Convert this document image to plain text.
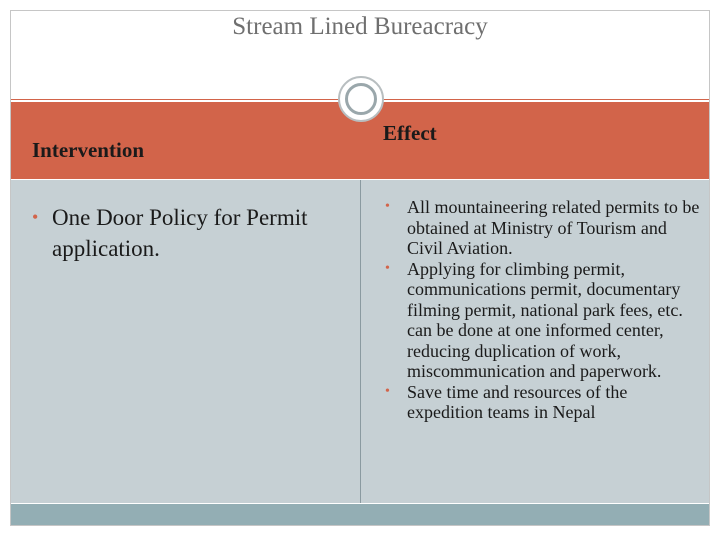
Stream Lined Bureacracy
Intervention
Effect
• One Door Policy for Permit application.
• All mountaineering related permits to be obtained at Ministry of Tourism and Civil Aviation.
• Applying for climbing permit, communications permit, documentary filming permit, national park fees, etc. can be done at one informed center, reducing duplication of work, miscommunication and paperwork.
• Save time and resources of the expedition teams in Nepal
